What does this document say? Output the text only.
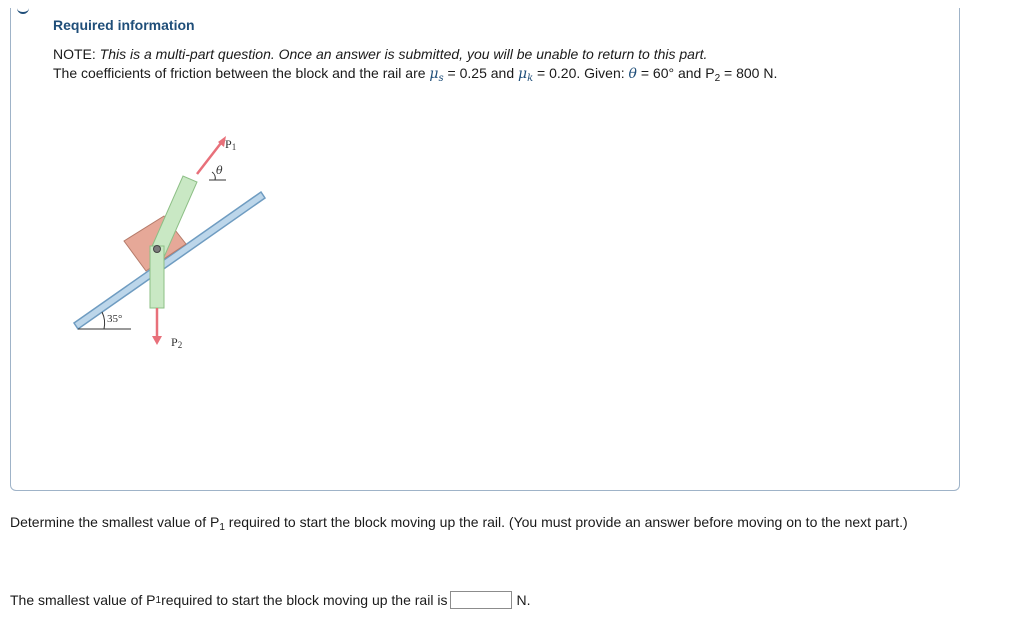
Required information
NOTE: This is a multi-part question. Once an answer is submitted, you will be unable to return to this part.
The coefficients of friction between the block and the rail are $\mu_s = 0.25$ and $\mu_k = 0.20$. Given: θ = 60° and $P_2 = 800$ N.
θ
P1
P2
35°
Determine the smallest value of $P_1$ required to start the block moving up the rail. (You must provide an answer before moving on to the next part.)
The smallest value of P 1 required to start the block moving up the rail is	N.
